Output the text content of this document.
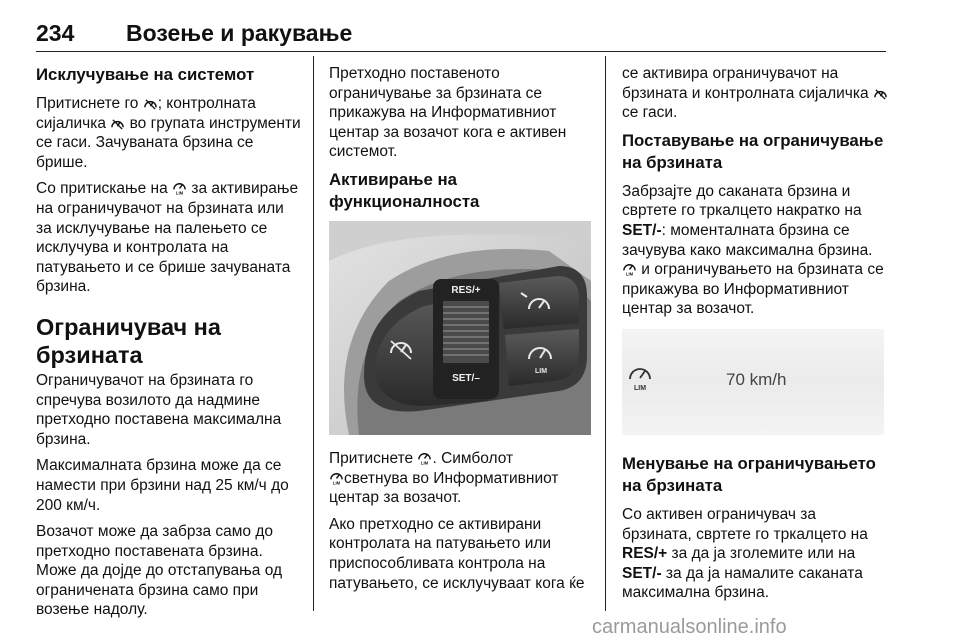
234 Возење и ракување
Исклучување на системот

Притиснете го ; контролната сијаличка  во групата инструменти се гаси. Зачуваната брзина се брише.

Со притискање на  за активирање на ограничувачот на брзината или за исклучување на палењето се исклучува и контролата на патувањето и се брише зачуваната брзина.

Ограничувач на брзината

Ограничувачот на брзината го спречува возилото да надмине претходно поставена максимална брзина.

Максималната брзина може да се намести при брзини над 25 км/ч до 200 км/ч.

Возачот може да забрза само до претходно поставената брзина. Може да дојде до отстапувања од ограничената брзина само при возење надолу.

Претходно поставеното ограничување за брзината се прикажува на Информативниот центар за возачот кога е активен системот.

Активирање на функционалноста
RES/+
SET/–
LIM

Притиснете . Симболот
светнува во Информативниот центар за возачот.

Ако претходно се активирани контролата на патувањето или приспособливата контрола на патувањето, се исклучуваат кога ќе

се активира ограничувачот на брзината и контролната сијаличка  се гаси.

Поставување на ограничување на брзината

Забрзајте до саканата брзина и свртете го тркалцето накратко на SET/-: моменталната брзина се зачувува како максимална брзина.  и ограничувањето на брзината се прикажува во Информативниот центар за возачот.

LIM	70 km/h
Менување на ограничувањето на брзината

Со активен ограничувач за брзината, свртете го тркалцето на RES/+ за да ја зголемите или на SET/- за да ја намалите саканата максимална брзина.

carmanualsonline.info
